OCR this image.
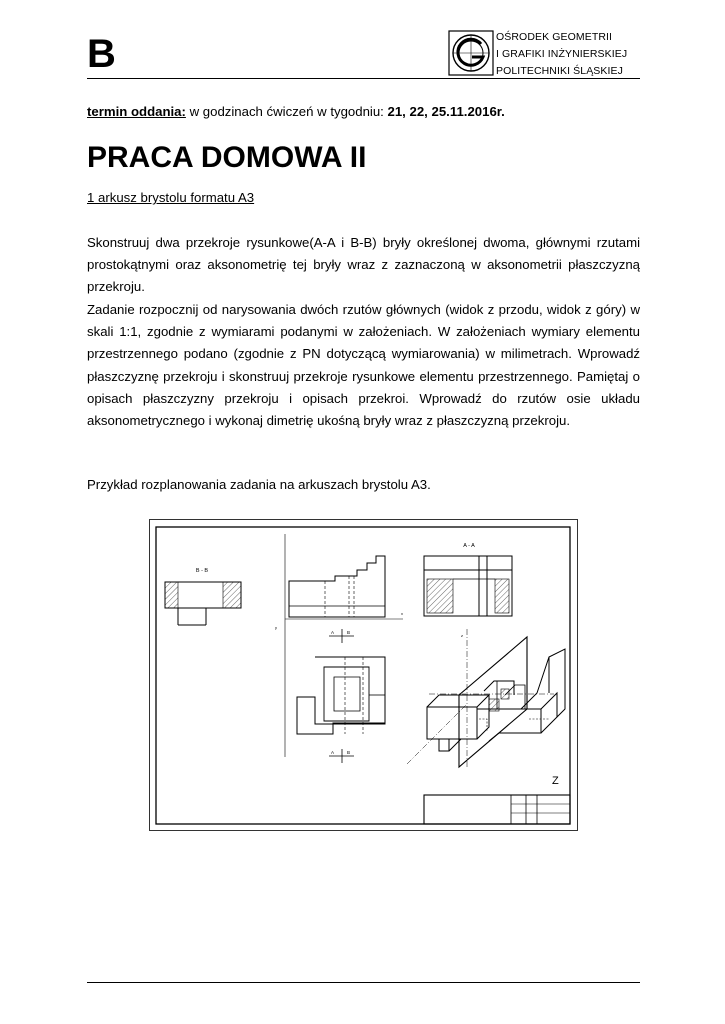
B	OŚRODEK GEOMETRII
I GRAFIKI INŻYNIERSKIEJ
POLITECHNIKI ŚLĄSKIEJ
termin oddania: w godzinach ćwiczeń w tygodniu: 21, 22, 25.11.2016r.
PRACA DOMOWA II
1 arkusz brystolu formatu A3
Skonstruuj dwa przekroje rysunkowe(A-A i B-B) bryły określonej dwoma, głównymi rzutami prostokątnymi oraz aksonometrię tej bryły wraz z zaznaczoną w aksonometrii płaszczyzną przekroju.
Zadanie rozpocznij od narysowania dwóch rzutów głównych (widok z przodu, widok z góry) w skali 1:1, zgodnie z wymiarami podanymi w założeniach. W założeniach wymiary elementu przestrzennego podano (zgodnie z PN dotyczącą wymiarowania) w milimetrach. Wprowadź płaszczyznę przekroju i skonstruuj przekroje rysunkowe elementu przestrzennego. Pamiętaj o opisach płaszczyzny przekroju i opisach przekroi. Wprowadź do rzutów osie układu aksonometrycznego i wykonaj dimetrię ukośną bryły wraz z płaszczyzną przekroju.
Przykład rozplanowania zadania na arkuszach brystolu A3.
B - B
y
x
A	B
A	B
A - A
z
Z
